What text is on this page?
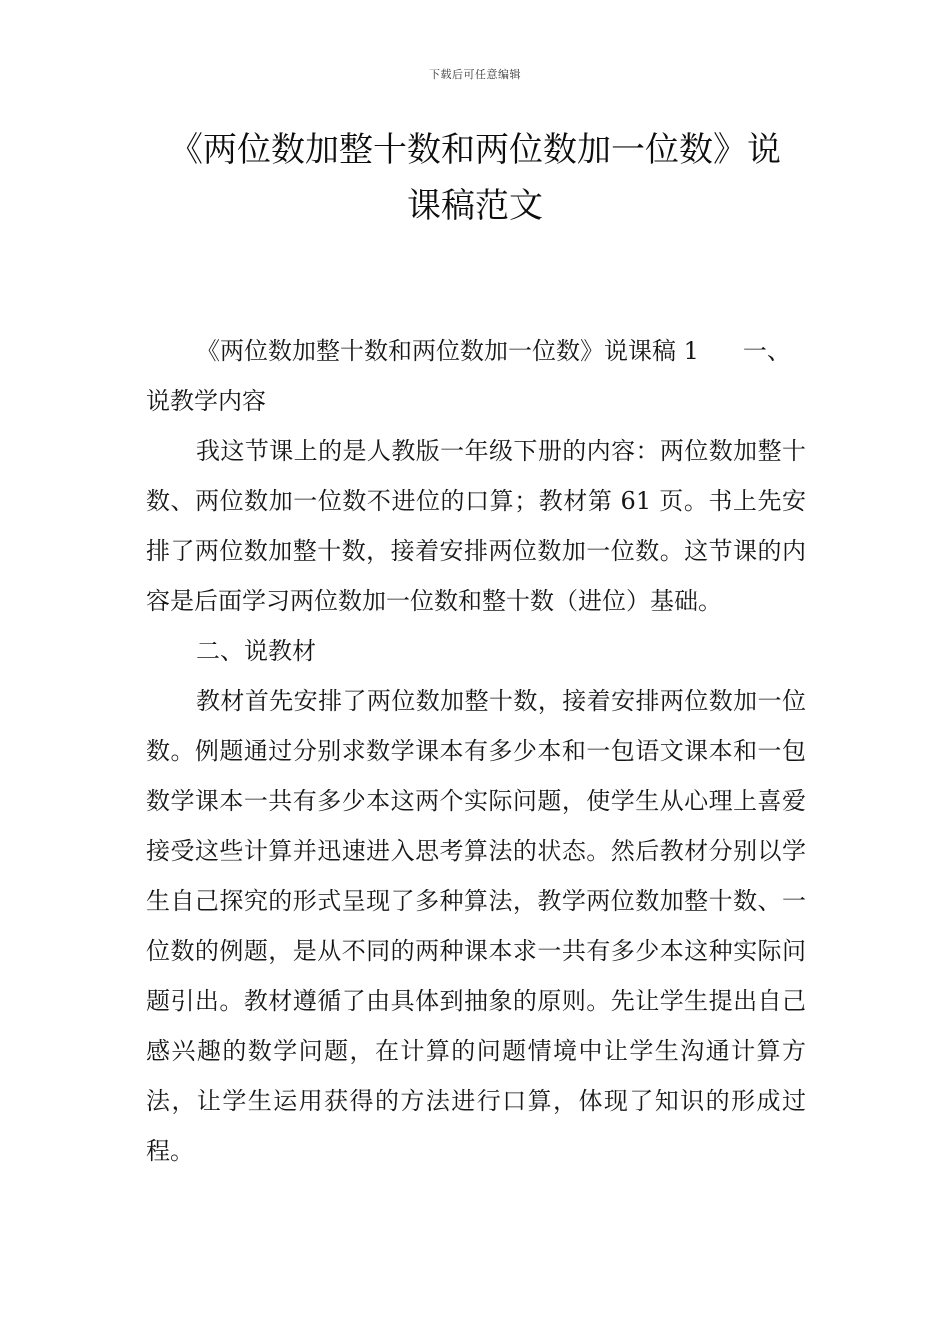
下载后可任意编辑
《两位数加整十数和两位数加一位数》说
课稿范文

《两位数加整十数和两位数加一位数》说课稿 1 一、

说教学内容

我这节课上的是人教版一年级下册的内容：两位数加整十数、两位数加一位数不进位的口算；教材第 61 页。书上先安排了两位数加整十数，接着安排两位数加一位数。这节课的内容是后面学习两位数加一位数和整十数（进位）基础。

二、说教材

教材首先安排了两位数加整十数，接着安排两位数加一位数。例题通过分别求数学课本有多少本和一包语文课本和一包数学课本一共有多少本这两个实际问题，使学生从心理上喜爱接受这些计算并迅速进入思考算法的状态。然后教材分别以学生自己探究的形式呈现了多种算法，教学两位数加整十数、一位数的例题，是从不同的两种课本求一共有多少本这种实际问题引出。教材遵循了由具体到抽象的原则。先让学生提出自己感兴趣的数学问题，在计算的问题情境中让学生沟通计算方法，让学生运用获得的方法进行口算，体现了知识的形成过程。
